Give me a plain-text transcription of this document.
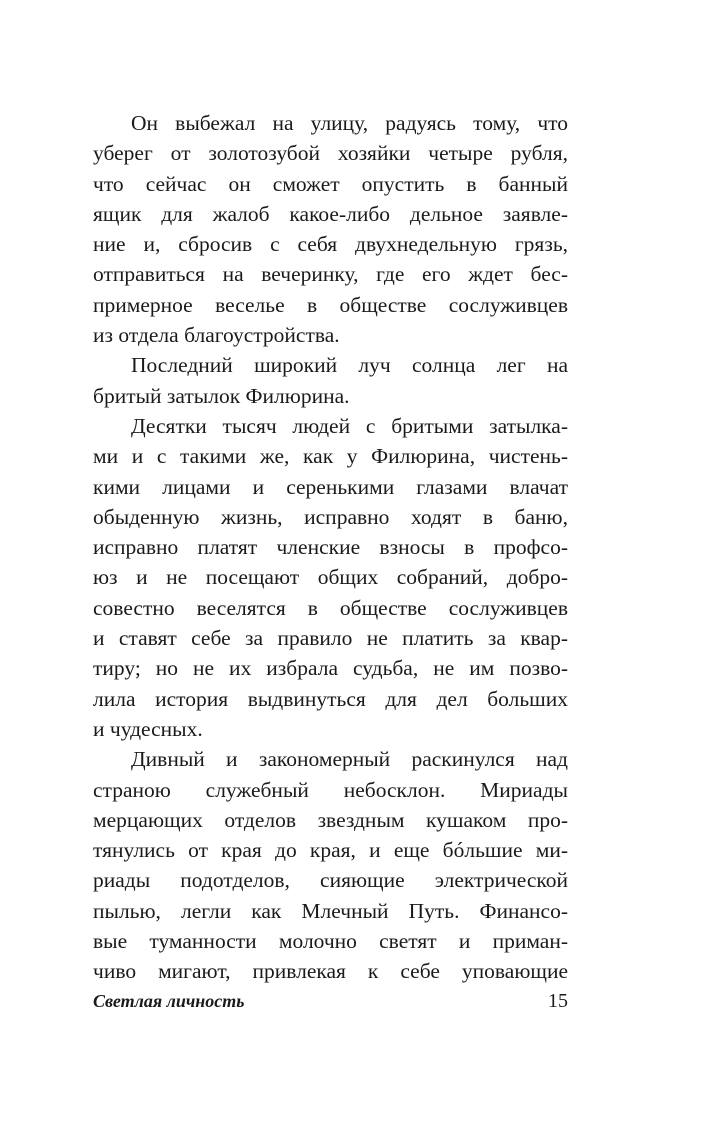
Он выбежал на улицу, радуясь тому, что
уберег от золотозубой хозяйки четыре рубля,
что сейчас он сможет опустить в банный
ящик для жалоб какое-либо дельное заявле-
ние и, сбросив с себя двухнедельную грязь,
отправиться на вечеринку, где его ждет бес-
примерное веселье в обществе сослуживцев
из отдела благоустройства.
Последний широкий луч солнца лег на
бритый затылок Филюрина.
Десятки тысяч людей с бритыми затылка-
ми и с такими же, как у Филюрина, чистень-
кими лицами и серенькими глазами влачат
обыденную жизнь, исправно ходят в баню,
исправно платят членские взносы в профсо-
юз и не посещают общих собраний, добро-
совестно веселятся в обществе сослуживцев
и ставят себе за правило не платить за квар-
тиру; но не их избрала судьба, не им позво-
лила история выдвинуться для дел больших
и чудесных.
Дивный и закономерный раскинулся над
страною служебный небосклон. Мириады
мерцающих отделов звездным кушаком про-
тянулись от края до края, и еще бóльшие ми-
риады подотделов, сияющие электрической
пылью, легли как Млечный Путь. Финансо-
вые туманности молочно светят и приман-
чиво мигают, привлекая к себе уповающие
Светлая личность	15
